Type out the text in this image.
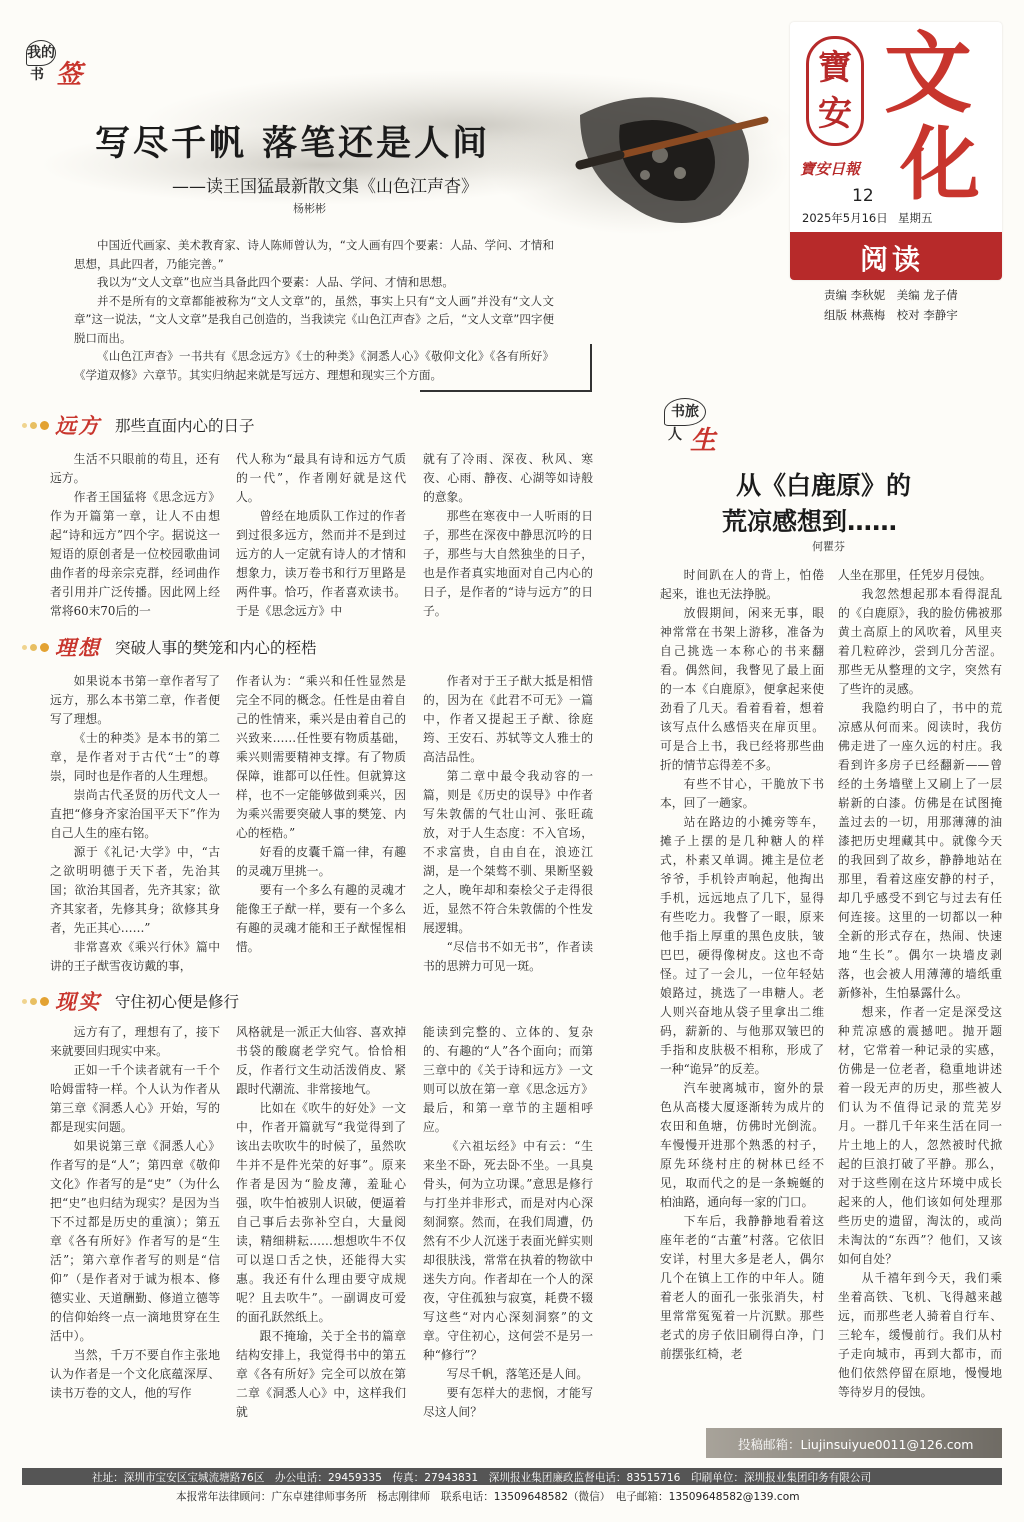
我的
书 签
写尽千帆 落笔还是人间
——读王国猛最新散文集《山色江声杳》
杨彬彬

中国近代画家、美术教育家、诗人陈师曾认为，“文人画有四个要素：人品、学问、才情和思想，具此四者，乃能完善。”

我以为“文人文章”也应当具备此四个要素：人品、学问、才情和思想。

并不是所有的文章都能被称为“文人文章”的，虽然，事实上只有“文人画”并没有“文人文章”这一说法，“文人文章”是我自己创造的，当我读完《山色江声杳》之后，“文人文章”四字便脱口而出。

《山色江声杳》一书共有《思念远方》《士的种类》《洞悉人心》《敬仰文化》《各有所好》《学道双修》六章节。其实归纳起来就是写远方、理想和现实三个方面。

远方 那些直面内心的日子

生活不只眼前的苟且，还有远方。

作者王国猛将《思念远方》作为开篇第一章，让人不由想起“诗和远方”四个字。据说这一短语的原创者是一位校园歌曲词曲作者的母亲宗克群，经词曲作者引用并广泛传播。因此网上经常将60末70后的一

代人称为“最具有诗和远方气质的一代”，作者刚好就是这代人。

曾经在地质队工作过的作者到过很多远方，然而并不是到过远方的人一定就有诗人的才情和想象力，读万卷书和行万里路是两件事。恰巧，作者喜欢读书。于是《思念远方》中

就有了冷雨、深夜、秋风、寒夜、心雨、静夜、心湖等如诗般的意象。

那些在寒夜中一人听雨的日子，那些在深夜中静思沉吟的日子，那些与大自然独坐的日子，也是作者真实地面对自己内心的日子，是作者的“诗与远方”的日子。

理想 突破人事的樊笼和内心的桎梏

如果说本书第一章作者写了远方，那么本书第二章，作者便写了理想。

《士的种类》是本书的第二章，是作者对于古代“士”的尊崇，同时也是作者的人生理想。

崇尚古代圣贤的历代文人一直把“修身齐家治国平天下”作为自己人生的座右铭。

源于《礼记·大学》中，“古之欲明明德于天下者，先治其国；欲治其国者，先齐其家；欲齐其家者，先修其身；欲修其身者，先正其心……”

非常喜欢《乘兴行休》篇中讲的王子猷雪夜访戴的事，

作者认为：“乘兴和任性显然是完全不同的概念。任性是由着自己的性情来，乘兴是由着自己的兴致来……任性要有物质基础，乘兴则需要精神支撑。有了物质保障，谁都可以任性。但就算这样，也不一定能够做到乘兴，因为乘兴需要突破人事的樊笼、内心的桎梏。”

好看的皮囊千篇一律，有趣的灵魂万里挑一。

要有一个多么有趣的灵魂才能像王子猷一样，要有一个多么有趣的灵魂才能和王子猷惺惺相惜。

作者对于王子猷大抵是相惜的，因为在《此君不可无》一篇中，作者又提起王子猷、徐庭筠、王安石、苏轼等文人雅士的高洁品性。

第二章中最令我动容的一篇，则是《历史的误导》中作者写朱敦儒的气壮山河、张旺疏放，对于人生态度：不入官场，不求富贵，自由自在，浪迹江湖，是一个桀骜不驯、果断坚毅之人，晚年却和秦桧父子走得很近，显然不符合朱敦儒的个性发展逻辑。

“尽信书不如无书”，作者读书的思辨力可见一斑。

现实 守住初心便是修行

远方有了，理想有了，接下来就要回归现实中来。

正如一千个读者就有一千个哈姆雷特一样。个人认为作者从第三章《洞悉人心》开始，写的都是现实问题。

如果说第三章《洞悉人心》作者写的是“人”；第四章《敬仰文化》作者写的是“史”（为什么把“史”也归结为现实？是因为当下不过都是历史的重演）；第五章《各有所好》作者写的是“生活”；第六章作者写的则是“信仰”（是作者对于诚为根本、修德实业、天道酬勤、修道立德等的信仰始终一点一滴地贯穿在生活中）。

当然，千万不要自作主张地认为作者是一个文化底蕴深厚、读书万卷的文人，他的写作

风格就是一派正大仙容、喜欢掉书袋的酸腐老学究气。恰恰相反，作者行文生动活泼俏皮、紧跟时代潮流、非常接地气。

比如在《吹牛的好处》一文中，作者开篇就写“我觉得到了该出去吹吹牛的时候了，虽然吹牛并不是件光荣的好事”。原来作者是因为“脸皮薄，羞耻心强，吹牛怕被别人识破，便逼着自己事后去弥补空白，大量阅读，精细耕耘……想想吹牛不仅可以逞口舌之快，还能得大实惠。我还有什么理由要守成规呢？且去吹牛”。一副调皮可爱的面孔跃然纸上。

跟不掩瑜，关于全书的篇章结构安排上，我觉得书中的第五章《各有所好》完全可以放在第二章《洞悉人心》中，这样我们就

能读到完整的、立体的、复杂的、有趣的“人”各个面向；而第三章中的《关于诗和远方》一文则可以放在第一章《思念远方》最后，和第一章节的主题相呼应。

《六祖坛经》中有云：“生来坐不卧，死去卧不坐。一具臭骨头，何为立功课。”意思是修行与打坐并非形式，而是对内心深刻洞察。然而，在我们周遭，仍然有不少人沉迷于表面光鲜实则却很肤浅，常常在执着的物欲中迷失方向。作者却在一个人的深夜，守住孤独与寂寞，耗费不辍写这些“对内心深刻洞察”的文章。守住初心，这何尝不是另一种“修行”？

写尽千帆，落笔还是人间。

要有怎样大的悲悯，才能写尽这人间？

寶安
寶安日報
文
化
12
2025年5月16日 星期五
阅读
责编 李秋妮　美编 龙子倩
组版 林燕梅　校对 李静宇
书旅
人 生
从《白鹿原》的
荒凉感想到……
何瞿芬

时间趴在人的背上，怕倦起来，谁也无法挣脱。

放假期间，闲来无事，眼神常常在书架上游移，准备为自己挑选一本称心的书来翻看。偶然间，我瞥见了最上面的一本《白鹿原》，便拿起来使劲看了几天。看着看着，想着该写点什么感悟夹在扉页里。可是合上书，我已经将那些曲折的情节忘得差不多。

有些不甘心，干脆放下书本，回了一趟家。

站在路边的小摊旁等车，摊子上摆的是几种糖人的样式，朴素又单调。摊主是位老爷爷，手机铃声响起，他掏出手机，远远地点了几下，显得有些吃力。我瞥了一眼，原来他手指上厚重的黑色皮肤，皱巴巴，硬得像树皮。这也不奇怪。过了一会儿，一位年轻姑娘路过，挑选了一串糖人。老人则兴奋地从袋子里拿出二维码，薪新的、与他那双皱巴的手指和皮肤极不相称，形成了一种“诡异”的反差。

汽车驶离城市，窗外的景色从高楼大厦逐渐转为成片的农田和鱼塘，仿佛时光倒流。车慢慢开进那个熟悉的村子，原先环绕村庄的树林已经不见，取而代之的是一条蜿蜒的柏油路，通向每一家的门口。

下车后，我静静地看着这座年老的“古董”村落。它依旧安详，村里大多是老人，偶尔几个在镇上工作的中年人。随着老人的面孔一张张消失，村里常常冤冤着一片沉默。那些老式的房子依旧刷得白净，门前摆张红椅，老

人坐在那里，任凭岁月侵蚀。

我忽然想起那本看得混乱的《白鹿原》，我的脸仿佛被那黄土高原上的风吹着，风里夹着几粒碎沙，尝到几分苦涩。那些无从整理的文字，突然有了些许的灵感。

我隐约明白了，书中的荒凉感从何而来。阅读时，我仿佛走进了一座久远的村庄。我看到许多房子已经翻新——曾经的土务墙壁上又刷上了一层崭新的白漆。仿佛是在试图掩盖过去的一切，用那薄薄的油漆把历史埋藏其中。就像今天的我回到了故乡，静静地站在那里，看着这座安静的村子，却几乎感受不到它与过去有任何连接。这里的一切都以一种全新的形式存在，热闹、快速地“生长”。偶尔一块墙皮剥落，也会被人用薄薄的墙纸重新修补，生怕暴露什么。

想来，作者一定是深受这种荒凉感的震撼吧。抛开题材，它常着一种记录的实感，仿佛是一位老者，稳重地讲述着一段无声的历史，那些被人们认为不值得记录的荒芜岁月。一群几千年来生活在同一片土地上的人，忽然被时代掀起的巨浪打破了平静。那么，对于这些刚在这片环境中成长起来的人，他们该如何处理那些历史的遗留，淘汰的，或尚未淘汰的“东西”？他们，又该如何自处？

从千禧年到今天，我们乘坐着高铁、飞机、飞得越来越远，而那些老人骑着自行车、三轮车，缓慢前行。我们从村子走向城市，再到大都市，而他们依然停留在原地，慢慢地等待岁月的侵蚀。

投稿邮箱：Liujinsuiyue0011@126.com
社址：深圳市宝安区宝城流塘路76区　办公电话：29459335　传真：27943831　深圳报业集团廉政监督电话：83515716　印刷单位：深圳报业集团印务有限公司
本报常年法律顾问：广东卓建律师事务所　杨志刚律师　联系电话：13509648582（微信）　电子邮箱：13509648582@139.com
